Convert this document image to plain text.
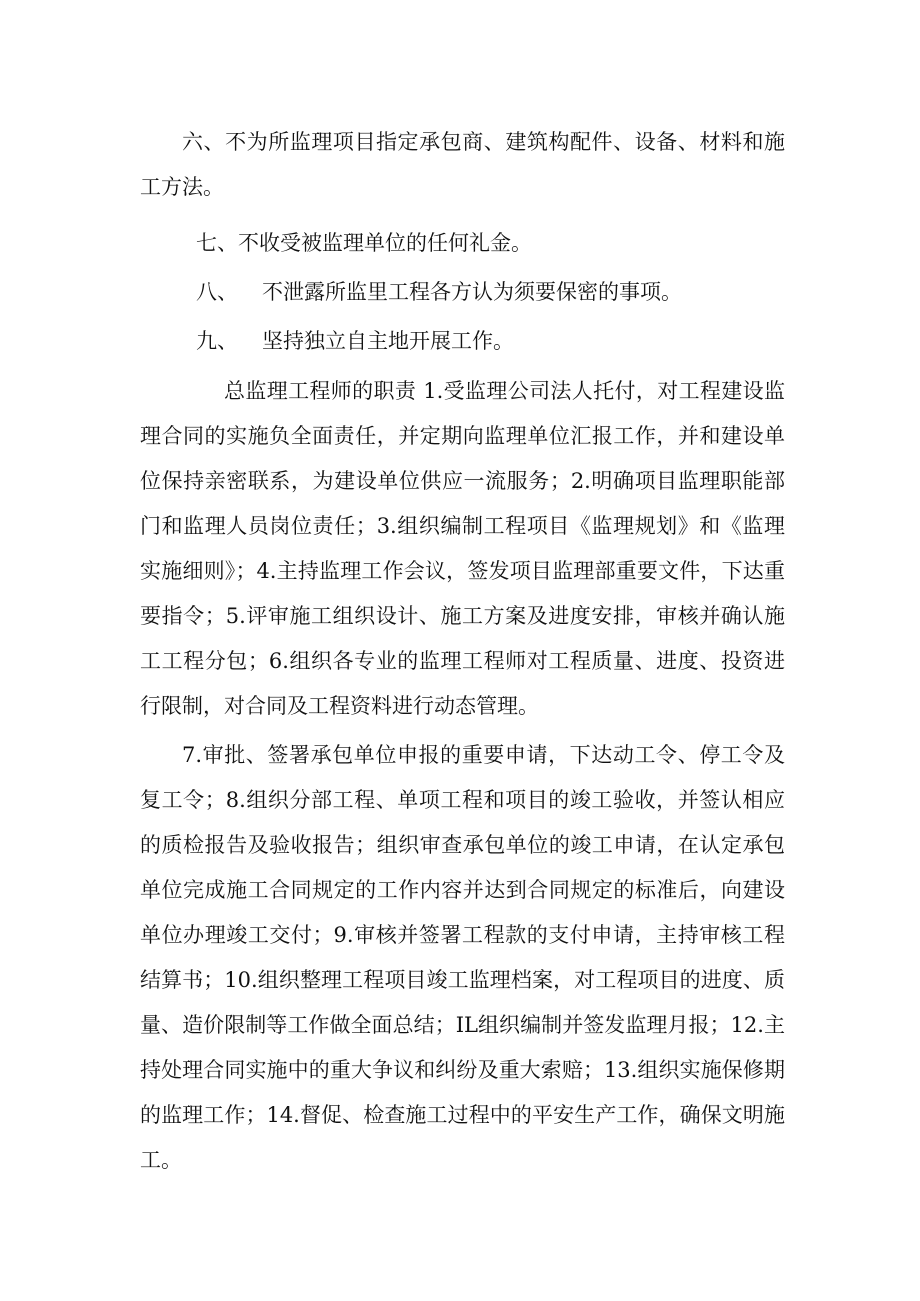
六、不为所监理项目指定承包商、建筑构配件、设备、材料和施工方法。

七、不收受被监理单位的任何礼金。

八、 不泄露所监里工程各方认为须要保密的事项。

九、 坚持独立自主地开展工作。

总监理工程师的职责 1.受监理公司法人托付，对工程建设监理合同的实施负全面责任，并定期向监理单位汇报工作，并和建设单位保持亲密联系，为建设单位供应一流服务；2.明确项目监理职能部门和监理人员岗位责任；3.组织编制工程项目《监理规划》和《监理实施细则》；4.主持监理工作会议，签发项目监理部重要文件，下达重要指令；5.评审施工组织设计、施工方案及进度安排，审核并确认施工工程分包；6.组织各专业的监理工程师对工程质量、进度、投资进行限制，对合同及工程资料进行动态管理。

7.审批、签署承包单位申报的重要申请，下达动工令、停工令及复工令；8.组织分部工程、单项工程和项目的竣工验收，并签认相应的质检报告及验收报告；组织审查承包单位的竣工申请，在认定承包单位完成施工合同规定的工作内容并达到合同规定的标准后，向建设单位办理竣工交付；9.审核并签署工程款的支付申请，主持审核工程结算书；10.组织整理工程项目竣工监理档案，对工程项目的进度、质量、造价限制等工作做全面总结；IL组织编制并签发监理月报；12.主持处理合同实施中的重大争议和纠纷及重大索赔；13.组织实施保修期的监理工作；14.督促、检查施工过程中的平安生产工作，确保文明施工。
